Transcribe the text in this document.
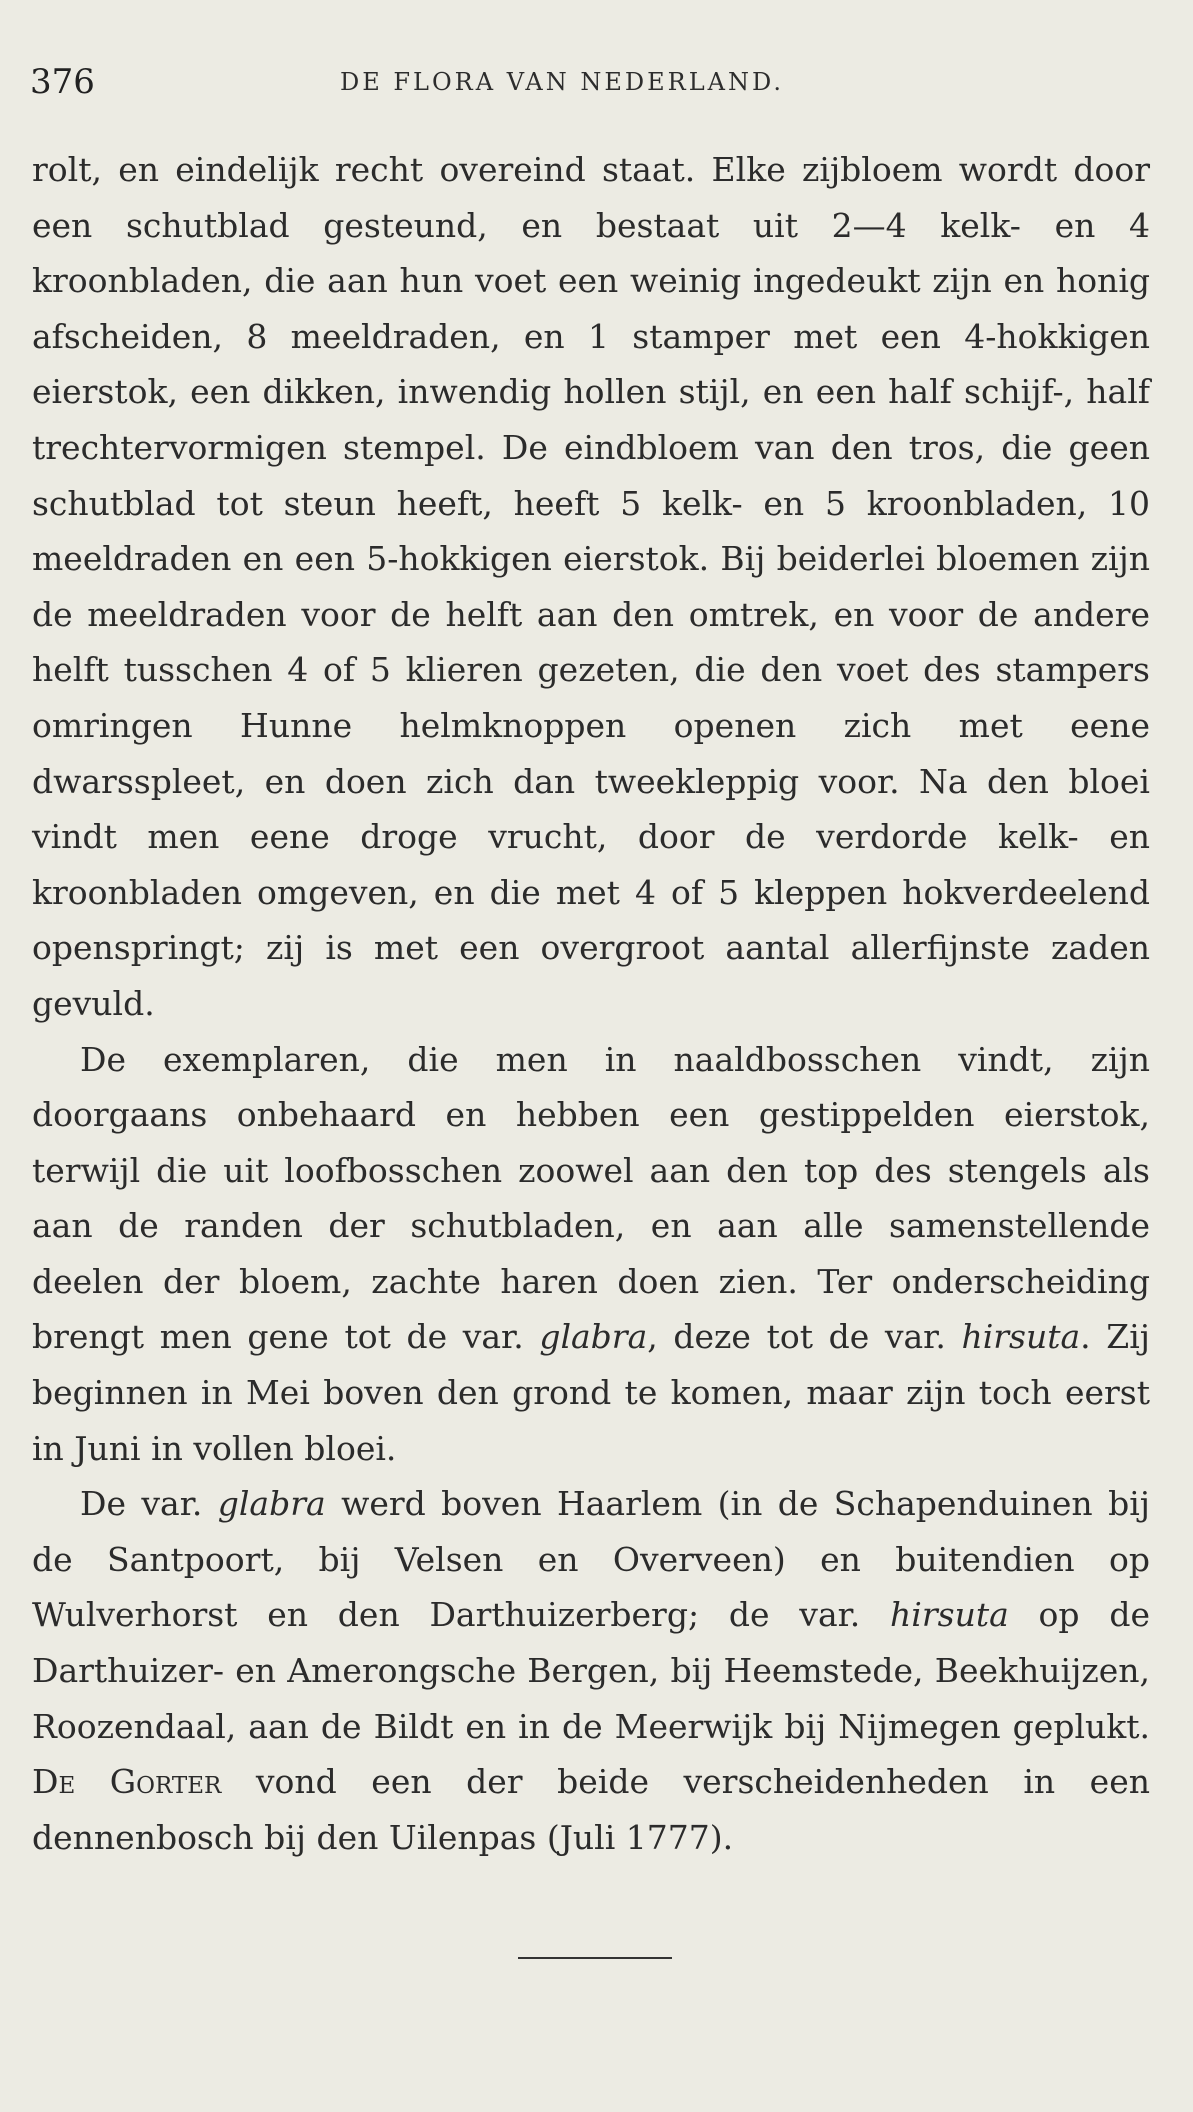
376	DE FLORA VAN NEDERLAND.

rolt, en eindelijk recht overeind staat. Elke zijbloem wordt door een schutblad gesteund, en bestaat uit 2—4 kelk- en 4 kroonbladen, die aan hun voet een weinig ingedeukt zijn en honig afscheiden, 8 meeldraden, en 1 stamper met een 4-hokkigen eierstok, een dikken, inwendig hollen stijl, en een half schijf-, half trechtervormigen stempel. De eindbloem van den tros, die geen schutblad tot steun heeft, heeft 5 kelk- en 5 kroonbladen, 10 meeldraden en een 5-hokkigen eierstok. Bij beiderlei bloemen zijn de meeldraden voor de helft aan den omtrek, en voor de andere helft tusschen 4 of 5 klieren gezeten, die den voet des stampers omringen Hunne helmknoppen openen zich met eene dwarsspleet, en doen zich dan tweekleppig voor. Na den bloei vindt men eene droge vrucht, door de verdorde kelk- en kroonbladen omgeven, en die met 4 of 5 kleppen hokverdeelend openspringt; zij is met een overgroot aantal allerfijnste zaden gevuld.

De exemplaren, die men in naaldbosschen vindt, zijn doorgaans onbehaard en hebben een gestippelden eierstok, terwijl die uit loofbosschen zoowel aan den top des stengels als aan de randen der schutbladen, en aan alle samenstellende deelen der bloem, zachte haren doen zien. Ter onderscheiding brengt men gene tot de var. glabra, deze tot de var. hirsuta. Zij beginnen in Mei boven den grond te komen, maar zijn toch eerst in Juni in vollen bloei.

De var. glabra werd boven Haarlem (in de Schapenduinen bij de Santpoort, bij Velsen en Overveen) en buitendien op Wulverhorst en den Darthuizerberg; de var. hirsuta op de Darthuizer- en Amerongsche Bergen, bij Heemstede, Beekhuijzen, Roozendaal, aan de Bildt en in de Meerwijk bij Nijmegen geplukt. De Gorter vond een der beide verscheidenheden in een dennenbosch bij den Uilenpas (Juli 1777).
